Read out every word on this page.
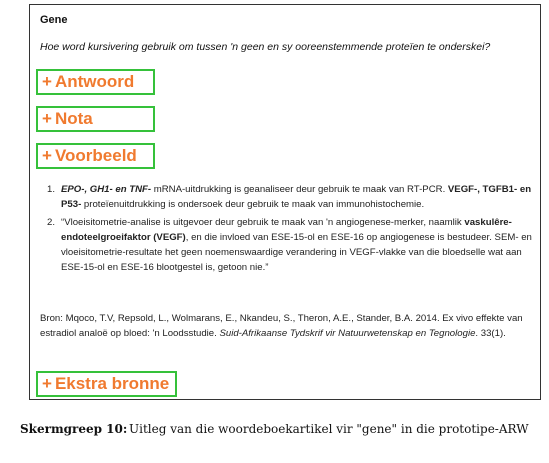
Gene
Hoe word kursivering gebruik om tussen 'n geen en sy ooreenstemmende proteïen te onderskei?
+ Antwoord
+ Nota
+ Voorbeeld
1. EPO-, GH1- en TNF- mRNA-uitdrukking is geanaliseer deur gebruik te maak van RT-PCR. VEGF-, TGFB1- en P53- proteïenuitdrukking is ondersoek deur gebruik te maak van immunohistochemie.
2. “Vloeisitometrie-analise is uitgevoer deur gebruik te maak van 'n angiogenese-merker, naamlik vaskulêre-endoteelgroeifaktor (VEGF), en die invloed van ESE-15-ol en ESE-16 op angiogenese is bestudeer. SEM- en vloeisitometrie-resultate het geen noemenswaardige verandering in VEGF-vlakke van die bloedselle wat aan ESE-15-ol en ESE-16 blootgestel is, getoon nie.”
Bron: Mqoco, T.V, Repsold, L., Wolmarans, E., Nkandeu, S., Theron, A.E., Stander, B.A. 2014. Ex vivo effekte van estradiol analoë op bloed: 'n Loodsstudie. Suid-Afrikaanse Tydskrif vir Natuurwetenskap en Tegnologie. 33(1).
+ Ekstra bronne
Skermgreep 10: Uitleg van die woordeboekartikel vir "gene" in die prototipe-ARW
